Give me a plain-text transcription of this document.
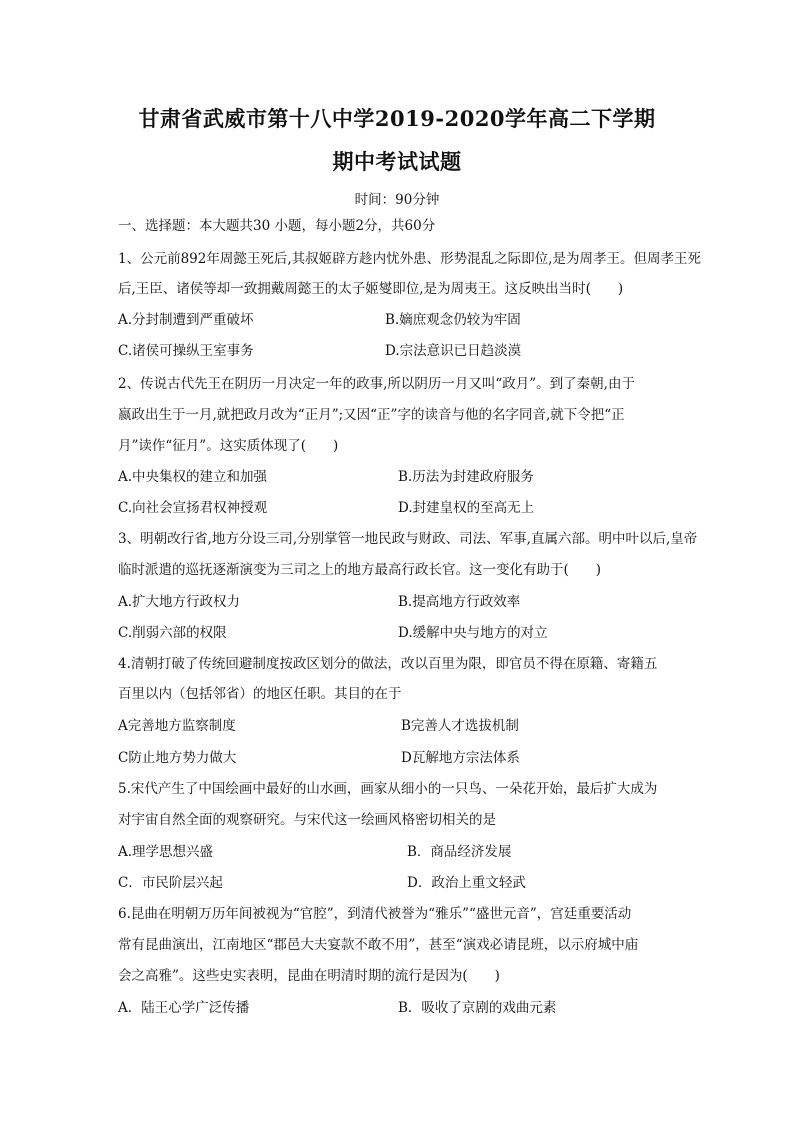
甘肃省武威市第十八中学2019-2020学年高二下学期
期中考试试题
时间：90分钟
一、选择题：本大题共30 小题，每小题2分，共60分
1、公元前892年周懿王死后,其叔姬辟方趁内忧外患、形势混乱之际即位,是为周孝王。但周孝王死
后,王臣、诸侯等却一致拥戴周懿王的太子姬燮即位,是为周夷王。这反映出当时(　　)
A.分封制遭到严重破坏	B.嫡庶观念仍较为牢固
C.诸侯可操纵王室事务	D.宗法意识已日趋淡漠
2、传说古代先王在阴历一月决定一年的政事,所以阴历一月又叫“政月”。到了秦朝,由于
嬴政出生于一月,就把政月改为“正月”;又因“正”字的读音与他的名字同音,就下令把“正
月”读作“征月”。这实质体现了(　　)
A.中央集权的建立和加强	B.历法为封建政府服务
C.向社会宣扬君权神授观	D.封建皇权的至高无上
3、明朝改行省,地方分设三司,分别掌管一地民政与财政、司法、军事,直属六部。明中叶以后,皇帝
临时派遣的巡抚逐渐演变为三司之上的地方最高行政长官。这一变化有助于(　　)
A.扩大地方行政权力	B.提高地方行政效率
C.削弱六部的权限	D.缓解中央与地方的对立
4.清朝打破了传统回避制度按政区划分的做法，改以百里为限，即官员不得在原籍、寄籍五
百里以内（包括邻省）的地区任职。其目的在于
A完善地方监察制度	B完善人才选拔机制
C防止地方势力做大	D瓦解地方宗法体系
5.宋代产生了中国绘画中最好的山水画，画家从细小的一只鸟、一朵花开始，最后扩大成为
对宇宙自然全面的观察研究。与宋代这一绘画风格密切相关的是
A.理学思想兴盛	B．商品经济发展
C．市民阶层兴起	D．政治上重文轻武
6.昆曲在明朝万历年间被视为“官腔”，到清代被誉为“雅乐”“盛世元音”，宫廷重要活动
常有昆曲演出，江南地区“郡邑大夫宴款不敢不用”，甚至“演戏必请昆班，以示府城中庙
会之高雅”。这些史实表明，昆曲在明清时期的流行是因为(　　)
A．陆王心学广泛传播	B．吸收了京剧的戏曲元素
